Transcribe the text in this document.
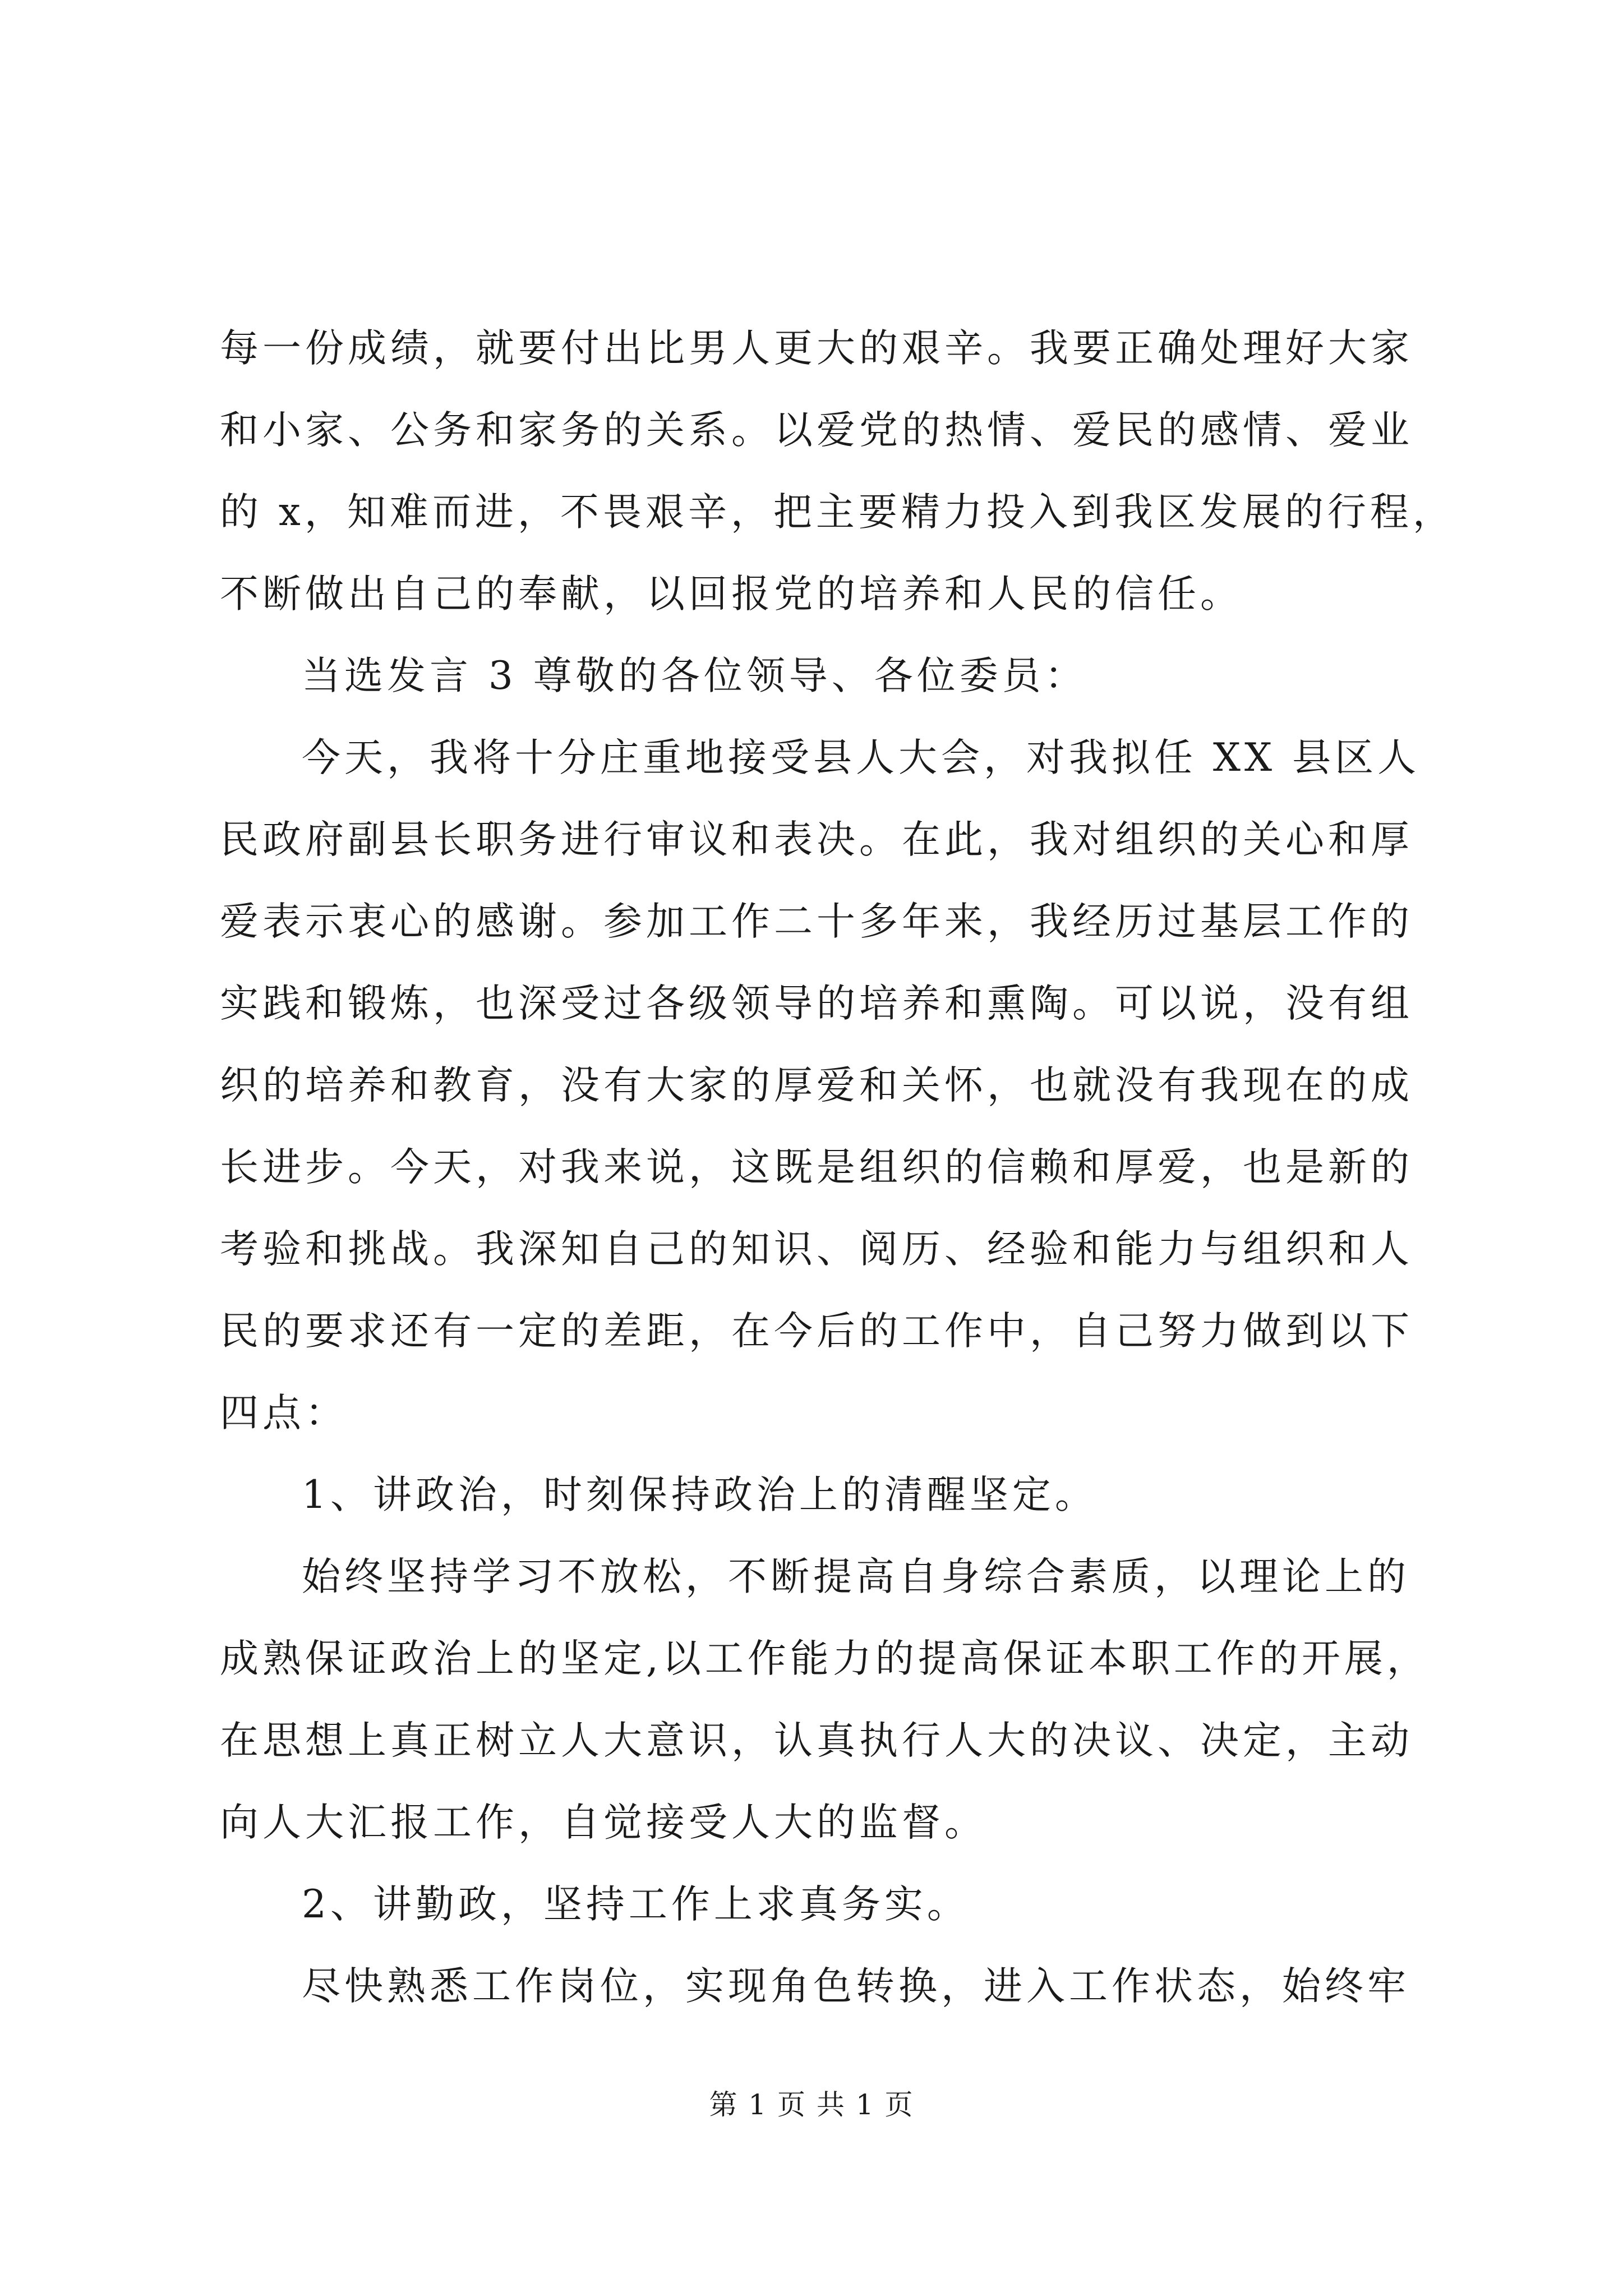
每一份成绩，就要付出比男人更大的艰辛。我要正确处理好大家
和小家、公务和家务的关系。以爱党的热情、爱民的感情、爱业
的 x，知难而进，不畏艰辛，把主要精力投入到我区发展的行程，
不断做出自己的奉献，以回报党的培养和人民的信任。
当选发言 3 尊敬的各位领导、各位委员：
今天，我将十分庄重地接受县人大会，对我拟任 XX 县区人
民政府副县长职务进行审议和表决。在此，我对组织的关心和厚
爱表示衷心的感谢。参加工作二十多年来，我经历过基层工作的
实践和锻炼，也深受过各级领导的培养和熏陶。可以说，没有组
织的培养和教育，没有大家的厚爱和关怀，也就没有我现在的成
长进步。今天，对我来说，这既是组织的信赖和厚爱，也是新的
考验和挑战。我深知自己的知识、阅历、经验和能力与组织和人
民的要求还有一定的差距，在今后的工作中，自己努力做到以下
四点：
1、讲政治，时刻保持政治上的清醒坚定。
始终坚持学习不放松，不断提高自身综合素质，以理论上的
成熟保证政治上的坚定,以工作能力的提高保证本职工作的开展，
在思想上真正树立人大意识，认真执行人大的决议、决定，主动
向人大汇报工作，自觉接受人大的监督。
2、讲勤政，坚持工作上求真务实。
尽快熟悉工作岗位，实现角色转换，进入工作状态，始终牢
第 1 页 共 1 页
